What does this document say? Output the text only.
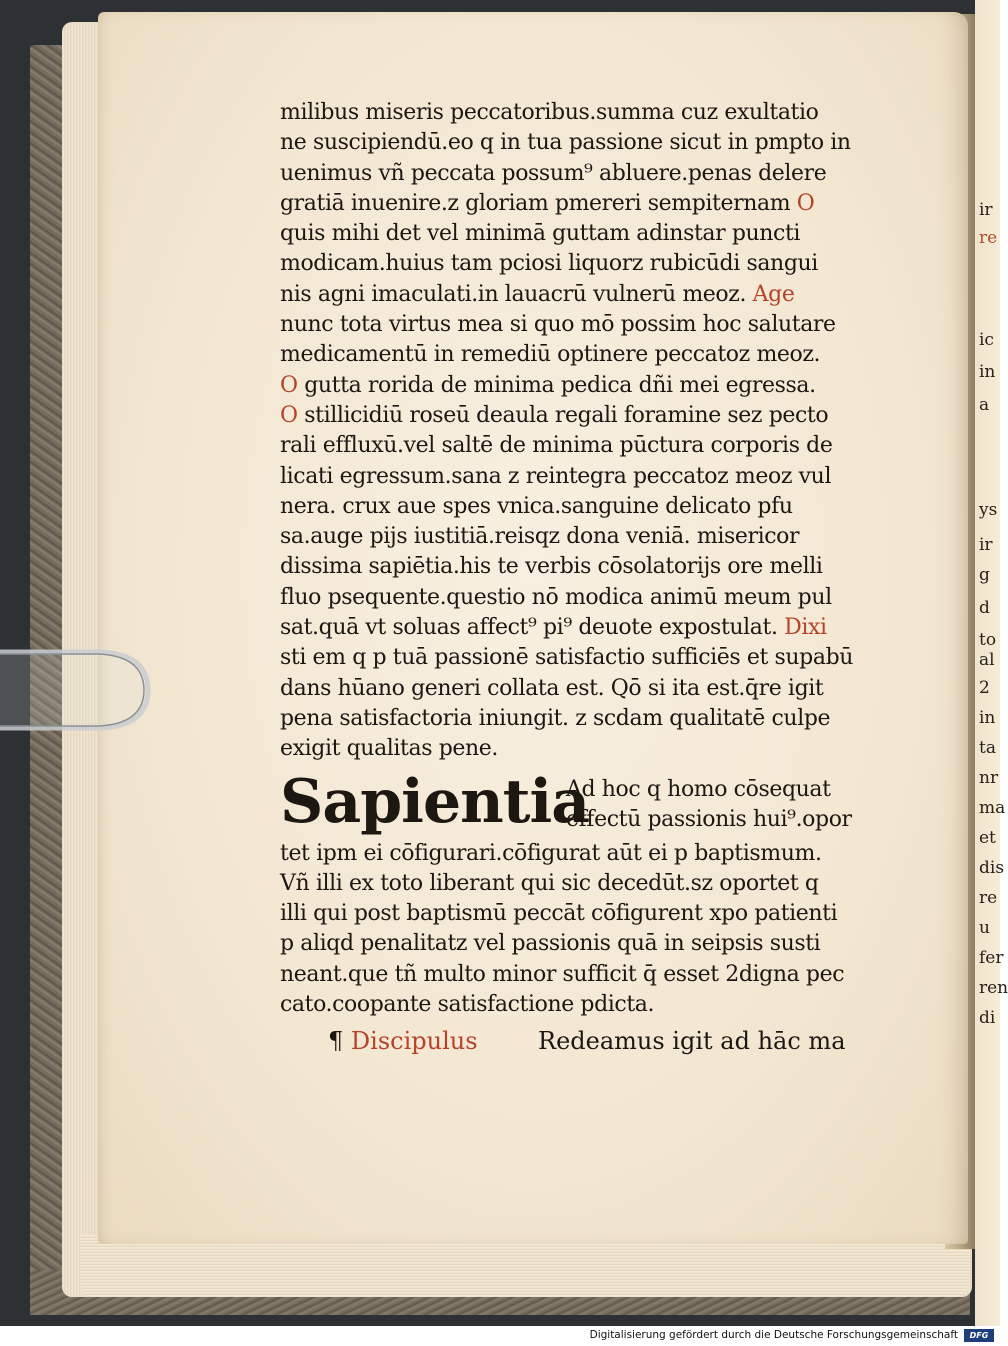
ir
re
ic
in
a
ys
ir
g
d
to
al
2
in
ta
nr
ma
et
dis
re
u
fer
ren
di
milibus miseris peccatoribus.summa cuz exultatio
ne suscipiendū.eo q in tua passione sicut in pmpto in
uenimus vñ peccata possum⁹ abluere.penas delere
gratiā inuenire.z gloriam pmereri sempiternam O
quis mihi det vel minimā guttam adinstar puncti
modicam.huius tam pciosi liquorz rubicūdi sangui
nis agni imaculati.in lauacrū vulnerū meoz. Age
nunc tota virtus mea si quo mō possim hoc salutare
medicamentū in remediū optinere peccatoz meoz.
O gutta rorida de minima pedica dñi mei egressa.
O stillicidiū roseū deaula regali foramine sez pecto
rali effluxū.vel saltē de minima pūctura corporis de
licati egressum.sana z reintegra peccatoz meoz vul
nera. crux aue spes vnica.sanguine delicato pfu
sa.auge pijs iustitiā.reisqz dona veniā. misericor
dissima sapiētia.his te verbis cōsolatorijs ore melli
fluo psequente.questio nō modica animū meum pul
sat.quā vt soluas affect⁹ pi⁹ deuote expostulat. Dixi
sti em q p tuā passionē satisfactio sufficiēs et supabū
dans hūano generi collata est. Qō si ita est.q̄re igit
pena satisfactoria iniungit. z scdam qualitatē culpe
exigit qualitas pene.
Sapientia
Ad hoc q homo cōsequat
effectū passionis hui⁹.opor
tet ipm ei cōfigurari.cōfigurat aūt ei p baptismum.
Vñ illi ex toto liberant qui sic decedūt.sz oportet q
illi qui post baptismū peccāt cōfigurent xpo patienti
p aliqd penalitatz vel passionis quā in seipsis susti
neant.que tñ multo minor sufficit q̄ esset 2digna pec
cato.coopante satisfactione pdicta.
¶ Discipulus	Redeamus igit ad hāc ma
Digitalisierung gefördert durch die Deutsche Forschungsgemeinschaft	DFG
